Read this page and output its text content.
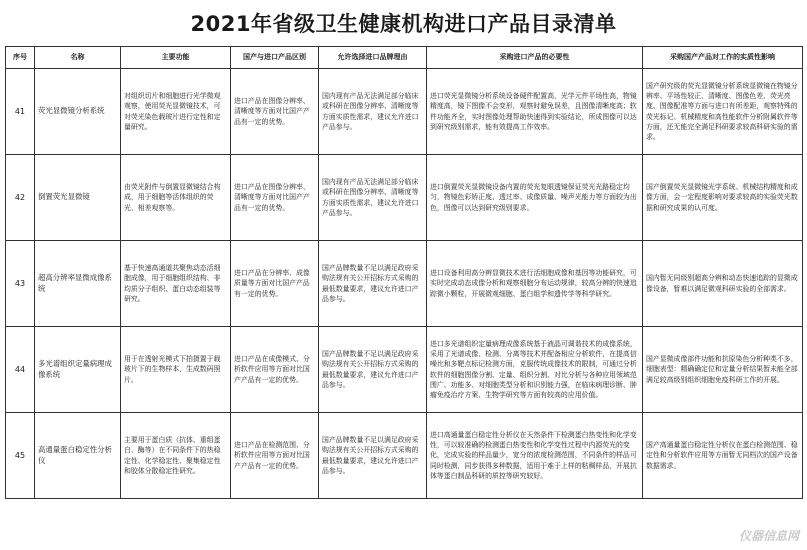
2021年省级卫生健康机构进口产品目录清单
序号	名称	主要功能	国产与进口产品区别	允许选择进口品牌理由	采购进口产品的必要性	采购国产产品对工作的实质性影响
41	荧光显微镜分析系统	对组织切片和细胞进行光学微观观察，使用荧光显微镜技术，可对荧光染色载玻片进行定性和定量研究。	进口产品在图像分辨率、清晰度等方面对比国产产品有一定的优势。	国内现有产品无法满足部分临床或科研在图像分辨率、清晰度等方面实质性需求，建议允许进口产品参与。	进口荧光显微镜分析系统设备硬件配置高，光学元件平场性高，物镜精度高，镜下图像不会变形，观察时避免误差，且图像清晰度高；软件功能齐全，实时图像处理帮助快速得到实验结论，所成图像可以达到研究级别需求，能有效提高工作效率。	国产研究级的荧光显微镜分析系统显微镜在物镜分辨率、平场性较正、清晰度、图像色差、荧光亮度、图像配准等方面与进口有所差距，观察特殊的荧光标记、机械精度和高性能软件分析附属软件等方面，还无能完全满足科研要求较高科研实验的需求。
42	倒置荧光显微镜	由荧光附件与倒置显微镜结合构成，用于细胞等活体组织的荧光、相差观察等。	进口产品在图像分辨率、清晰度等方面对比国产产品有一定的优势。	国内现有产品无法满足部分临床或科研在图像分辨率、清晰度等方面实质性需求，建议允许进口产品参与。	进口倒置荧光显微镜设备内置的荧光复眼透镜保证荧光光路稳定均匀，物镜色彩矫正度、透过率、成像质量、噪声光能力等方面较为出色，图像可以达到研究级别要求。	国产倒置荧光显微镜光学系统、机械结构精度和成像方面，会一定程度影响对要求较高的实验荧光数据和研究成果的认可度。
43	超高分辨率显微成像系统	基于快速高通道共聚焦动态活细胞成像，用于细胞组织结构、非均质分子组织、蛋白动态组装等研究。	进口产品在分辨率、成像质量等方面对比国产产品有一定的优势。	国产品牌数量不足以满足政府采购法规有关公开招标方式采购的最低数量要求，建议允许进口产品参与。	进口设备利用高分辨显微技术进行活细胞成像和基因等功能研究，可实时完成动态成像分析和观察细胞分布运动规律，较高分辨的快速追踪微小颗粒，开展微观细胞、蛋白组学和遗传学等科学研究。	国内暂无同级别超高分辨和动态快速追踪的显微成像设备，暂难以满足微观科研实验的全部需求。
44	多光谱组织定量病理成像系统	用于在透射光模式下拍摄置于载玻片下的生物样本，生成数码照片。	进口产品在成像模式、分析软件应用等方面对比国产产品有一定的优势。	国产品牌数量不足以满足政府采购法规有关公开招标方式采购的最低数量要求，建议允许进口产品参与。	进口多光谱组织定量病理成像系统基于液晶可调谐技术的成像系统，采用了光谱成像、检测、分离等技术并配备相应分析软件，在提高信噪比和多靶点标记检测方面，克服传统成像技术的限制，可通过分析软件的细胞图像分割、定量、组织分割、对比分析与各种应用领域范围广、功能多、对细胞类型分析和识别能力强，在临床病理诊断、肿瘤免疫治疗方案、生物学研究等方面有较高的应用价值。	国产显微成像部件功能和抗原染色分析种类不多，细胞表型：精确确定位和定量分析结果暂未能全部满足较高级别组织细胞免疫科研工作的开展。
45	高通量蛋白稳定性分析仪	主要用于蛋白质（抗体、重组蛋白、酶等）在不同条件下的热稳定性、化学稳定性、聚集稳定性和胶体分散稳定性研究。	进口产品在检测范围、分析软件应用等方面对比国产产品有一定的优势。	国产品牌数量不足以满足政府采购法规有关公开招标方式采购的最低数量要求，建议允许进口产品参与。	进口高通量蛋白稳定性分析仪在天然条件下检测蛋白热变性和化学变性，可以较准确的检测蛋白热变性和化学变性过程中内源荧光的变化，完成实验的样品量少，宽分的浓度检测范围，不同条件的样品可同时检测，同步获得多种数据，适用于难于上样的粘稠样品，开展抗体等蛋白制品科研的质控等研究较好。	国产高通量蛋白稳定性分析仪在蛋白检测范围、稳定性和分析软件应用等方面暂无同档次的国产设备数据需求。
仪器信息网
